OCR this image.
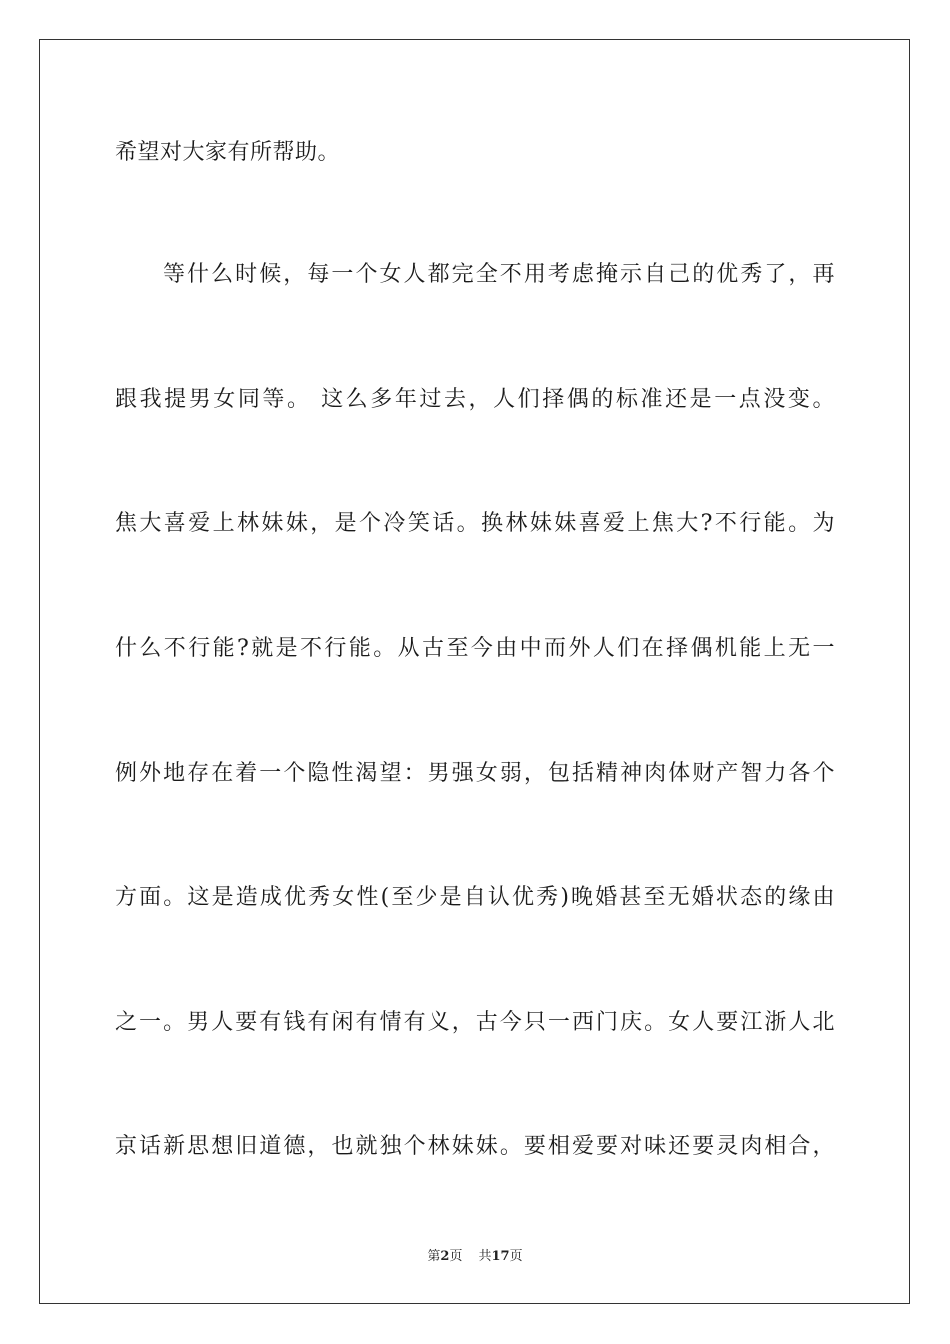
希望对大家有所帮助。
等什么时候，每一个女人都完全不用考虑掩示自己的优秀了，再
跟我提男女同等。 这么多年过去，人们择偶的标准还是一点没变。
焦大喜爱上林妹妹，是个冷笑话。换林妹妹喜爱上焦大?不行能。为
什么不行能?就是不行能。从古至今由中而外人们在择偶机能上无一
例外地存在着一个隐性渴望：男强女弱，包括精神肉体财产智力各个
方面。这是造成优秀女性(至少是自认优秀)晚婚甚至无婚状态的缘由
之一。男人要有钱有闲有情有义，古今只一西门庆。女人要江浙人北
京话新思想旧道德，也就独个林妹妹。要相爱要对味还要灵肉相合，
第2页 共17页
